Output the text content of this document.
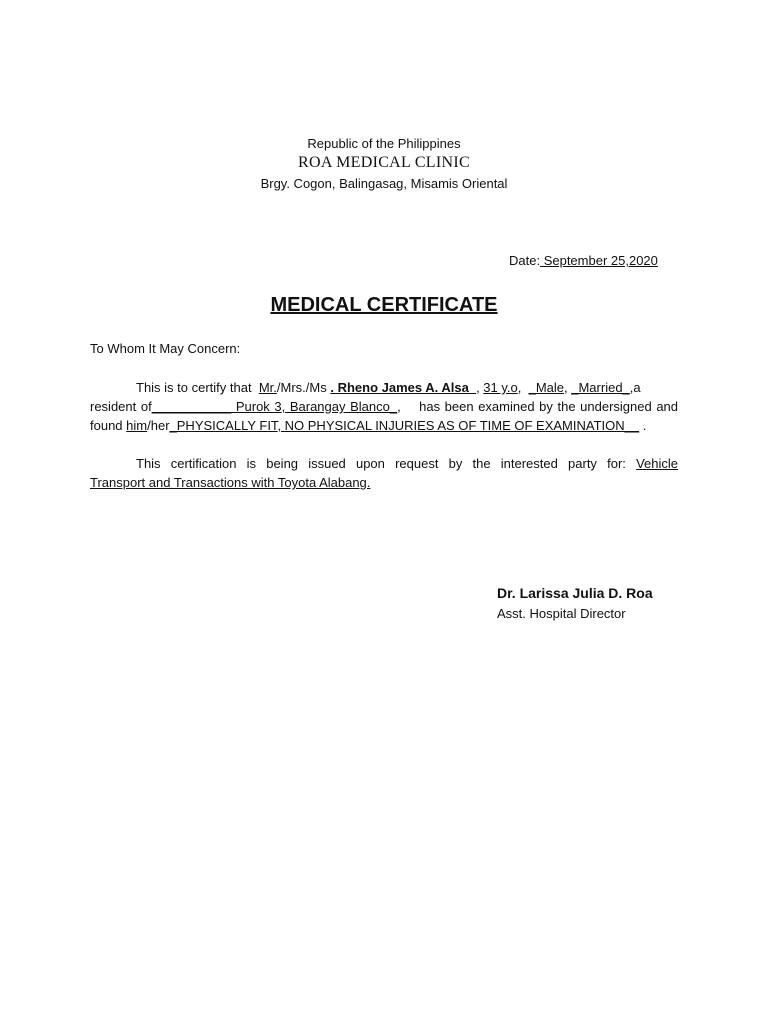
Republic of the Philippines
ROA MEDICAL CLINIC
Brgy. Cogon, Balingasag, Misamis Oriental
Date: September 25,2020
MEDICAL CERTIFICATE
To Whom It May Concern:
This is to certify that Mr./Mrs./Ms . Rheno James A. Alsa_, 31 y.o,  _Male, _Married_,a
resident of___________ Purok 3, Barangay Blanco_,    has been examined by the undersigned and
found him/her_PHYSICALLY FIT, NO PHYSICAL INJURIES AS OF TIME OF EXAMINATION__ .
This certification is being issued upon request by the interested party for: Vehicle
Transport and Transactions with Toyota Alabang.
Dr. Larissa Julia D. Roa
Asst. Hospital Director
